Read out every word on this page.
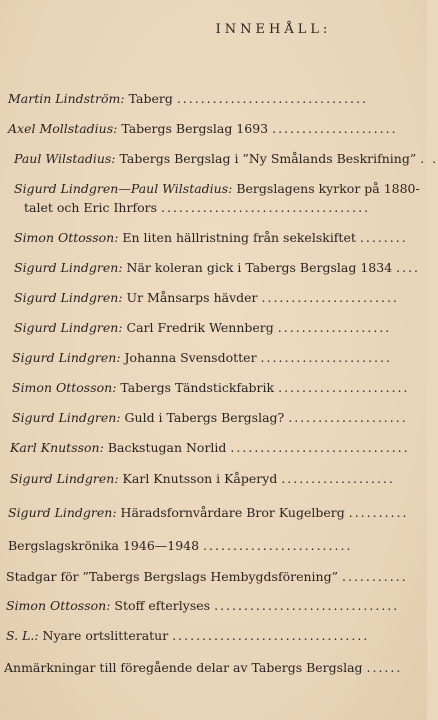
INNEHÅLL:
Martin Lindström: Taberg ................................
Axel Mollstadius: Tabergs Bergslag 1693 .....................
Paul Wilstadius: Tabergs Bergslag i ”Ny Smålands Beskrifning” . .
Sigurd Lindgren—Paul Wilstadius: Bergslagens kyrkor på 1880-
talet och Eric Ihrfors ...................................
Simon Ottosson: En liten hällristning från sekelskiftet ........
Sigurd Lindgren: När koleran gick i Tabergs Bergslag 1834 ....
Sigurd Lindgren: Ur Månsarps hävder .......................
Sigurd Lindgren: Carl Fredrik Wennberg ...................
Sigurd Lindgren: Johanna Svensdotter ......................
Simon Ottosson: Tabergs Tändstickfabrik ......................
Sigurd Lindgren: Guld i Tabergs Bergslag? ....................
Karl Knutsson: Backstugan Norlid ..............................
Sigurd Lindgren: Karl Knutsson i Kåperyd ...................
Sigurd Lindgren: Häradsfornvårdare Bror Kugelberg ..........
Bergslagskrönika 1946—1948 .........................
Stadgar för ”Tabergs Bergslags Hembygdsförening” ...........
Simon Ottosson: Stoff efterlyses ...............................
S. L.: Nyare ortslitteratur .................................
Anmärkningar till föregående delar av Tabergs Bergslag ......
